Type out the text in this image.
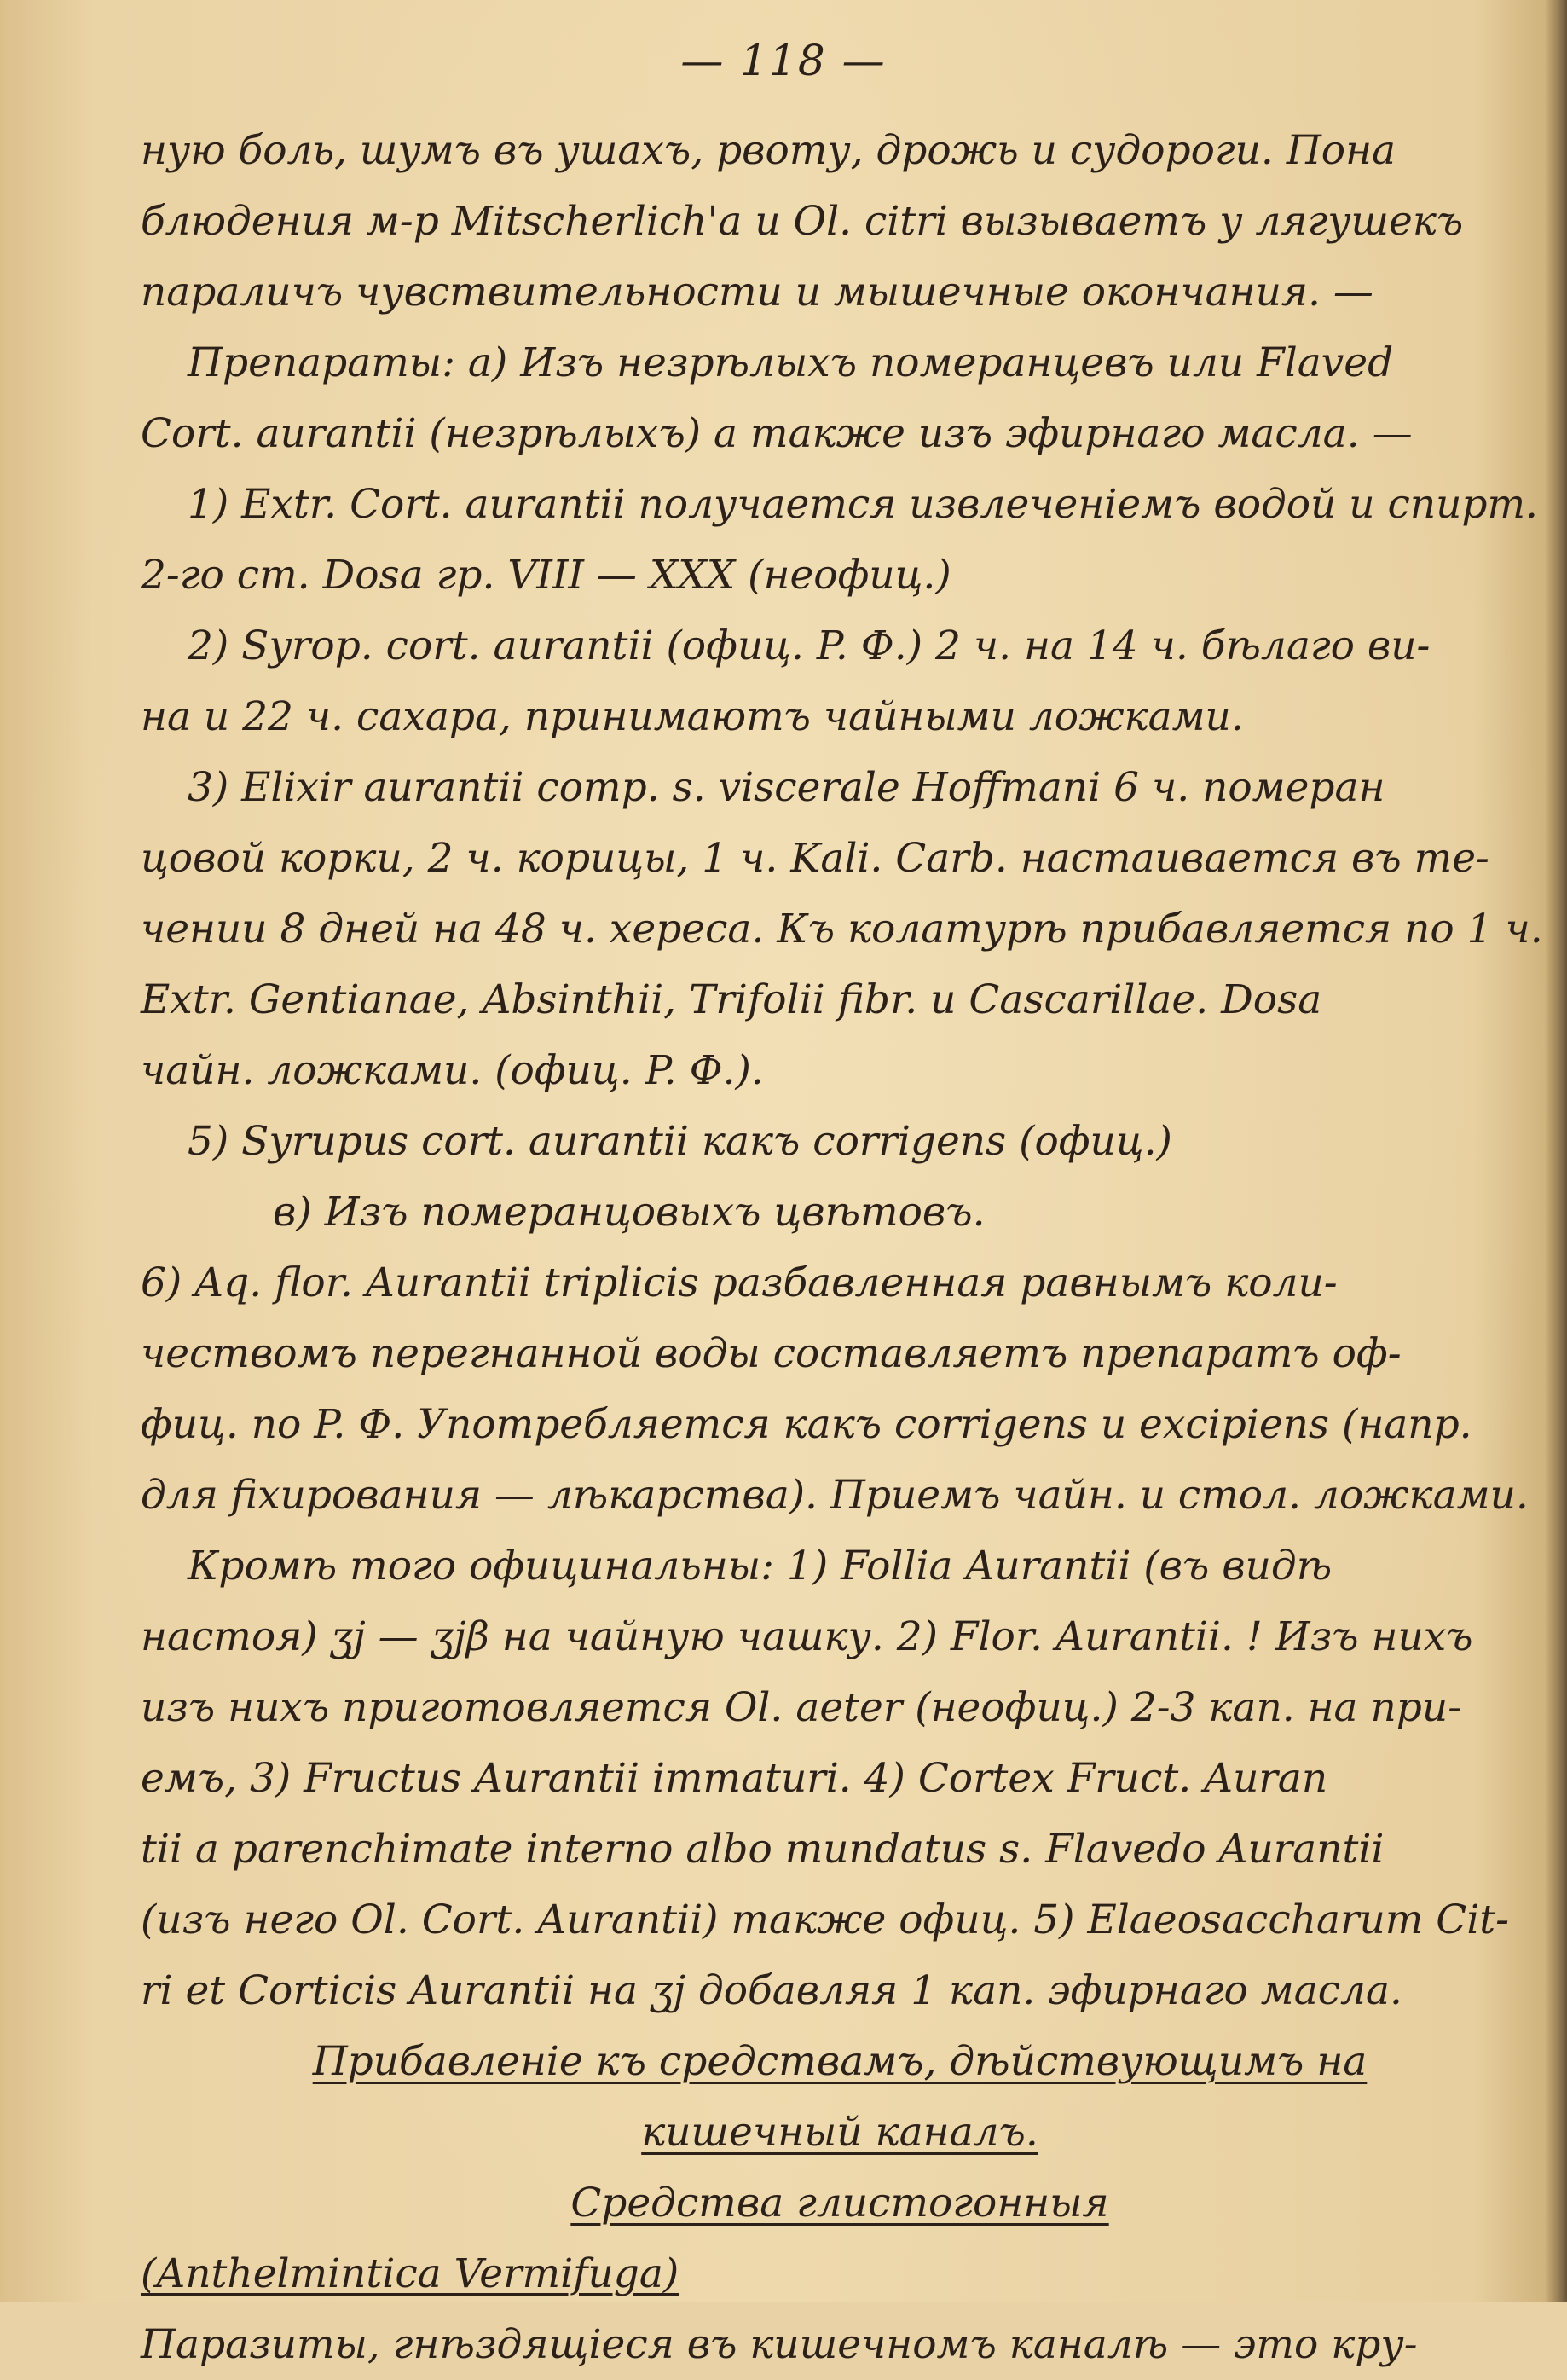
— 118 —
ную боль, шумъ въ ушахъ, рвоту, дрожь и судороги. Пона
блюдения м-р Mitscherlich'a и Ol. citri вызываетъ у лягушекъ
параличъ чувствительности и мышечные окончания. —
Препараты: а) Изъ незрѣлыхъ померанцевъ или Flaved
Cort. aurantii (незрѣлыхъ) а также изъ эфирнаго масла. —
1) Extr. Cort. aurantii получается извлеченiемъ водой и спирт.
2-го ст. Dosa гр. VIII — XXX (неофиц.)
2) Syrop. cort. aurantii (офиц. P. Ф.) 2 ч. на 14 ч. бѣлаго ви-
на и 22 ч. сахара, принимаютъ чайными ложками.
3) Elixir aurantii comp. s. viscerale Hoffmani 6 ч. померан
цовой корки, 2 ч. корицы, 1 ч. Kali. Carb. настаивается въ те-
чении 8 дней на 48 ч. хереса. Къ колатурѣ прибавляется по 1 ч.
Extr. Gentianae, Absinthii, Trifolii fibr. и Cascarillae. Dosa
чайн. ложками. (офиц. P. Ф.).
5) Syrupus cort. aurantii какъ corrigens (офиц.)
в) Изъ померанцовыхъ цвѣтовъ.
6) Aq. flor. Aurantii triplicis разбавленная равнымъ коли-
чествомъ перегнанной воды составляетъ препаратъ оф-
фиц. по P. Ф. Употребляется какъ corrigens и excipiens (напр.
для fixирования — лѣкарства). Приемъ чайн. и стол. ложками.
Кромѣ того официнальны: 1) Follia Aurantii (въ видѣ
настоя) ʒj — ʒjβ на чайную чашку. 2) Flor. Aurantii. ! Изъ нихъ
изъ нихъ приготовляется Ol. aeter (неофиц.) 2-3 кап. на при-
емъ, 3) Fructus Aurantii immaturi. 4) Cortex Fruct. Auran
tii a parenchimate interno albo mundatus s. Flavedo Aurantii
(изъ него Ol. Cort. Aurantii) также офиц. 5) Elaeosaccharum Cit-
ri et Corticis Aurantii на ʒj добавляя 1 кап. эфирнаго масла.
Прибавленiе къ средствамъ, дѣйствующимъ на
кишечный каналъ.
Средства глистогонныя
(Anthelmintica Vermifuga)
Паразиты, гнѣздящiеся въ кишечномъ каналѣ — это кру-
